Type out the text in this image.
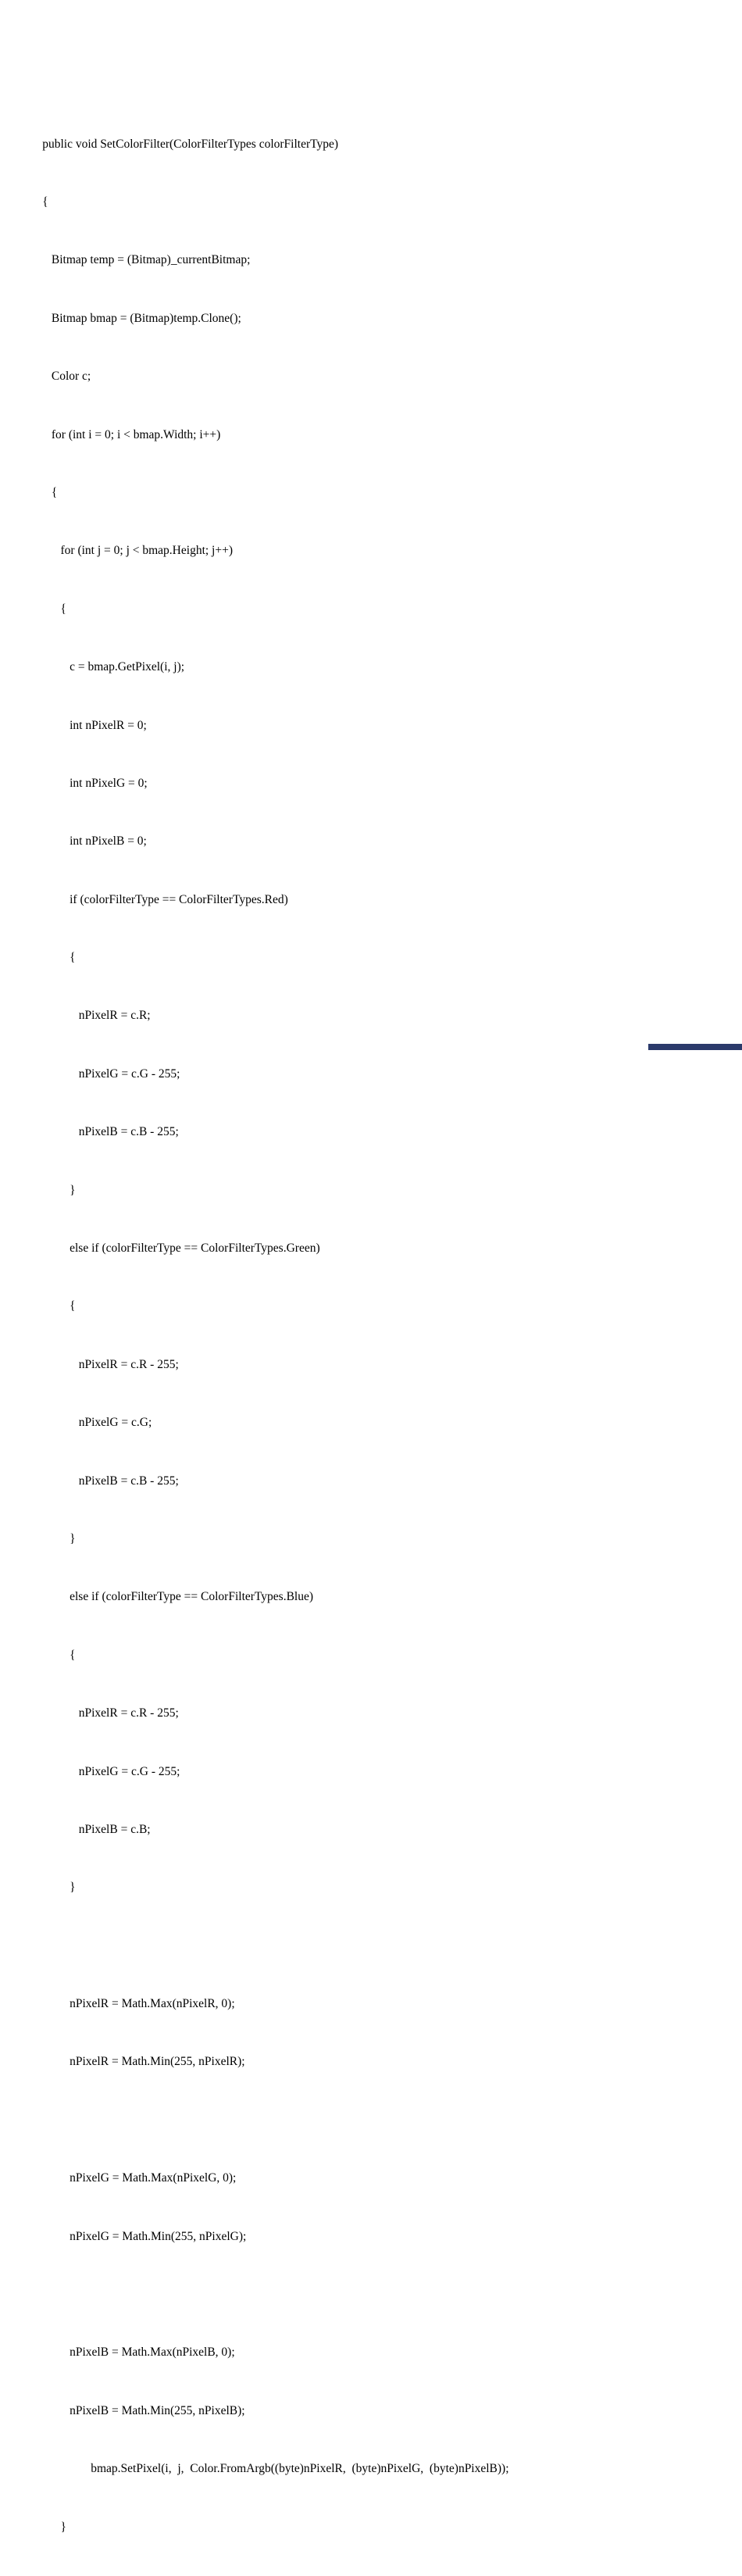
public void SetColorFilter(ColorFilterTypes colorFilterType)

{

Bitmap temp = (Bitmap)_currentBitmap;

Bitmap bmap = (Bitmap)temp.Clone();

Color c;

for (int i = 0; i < bmap.Width; i++)

{

for (int j = 0; j < bmap.Height; j++)

{

c = bmap.GetPixel(i, j);

int nPixelR = 0;

int nPixelG = 0;

int nPixelB = 0;

if (colorFilterType == ColorFilterTypes.Red)

{

nPixelR = c.R;

nPixelG = c.G - 255;

nPixelB = c.B - 255;

}

else if (colorFilterType == ColorFilterTypes.Green)

{

nPixelR = c.R - 255;

nPixelG = c.G;

nPixelB = c.B - 255;

}

else if (colorFilterType == ColorFilterTypes.Blue)

{

nPixelR = c.R - 255;

nPixelG = c.G - 255;

nPixelB = c.B;

}

nPixelR = Math.Max(nPixelR, 0);

nPixelR = Math.Min(255, nPixelR);

nPixelG = Math.Max(nPixelG, 0);

nPixelG = Math.Min(255, nPixelG);

nPixelB = Math.Max(nPixelB, 0);

nPixelB = Math.Min(255, nPixelB);

bmap.SetPixel(i,  j,  Color.FromArgb((byte)nPixelR,  (byte)nPixelG,  (byte)nPixelB));

}
